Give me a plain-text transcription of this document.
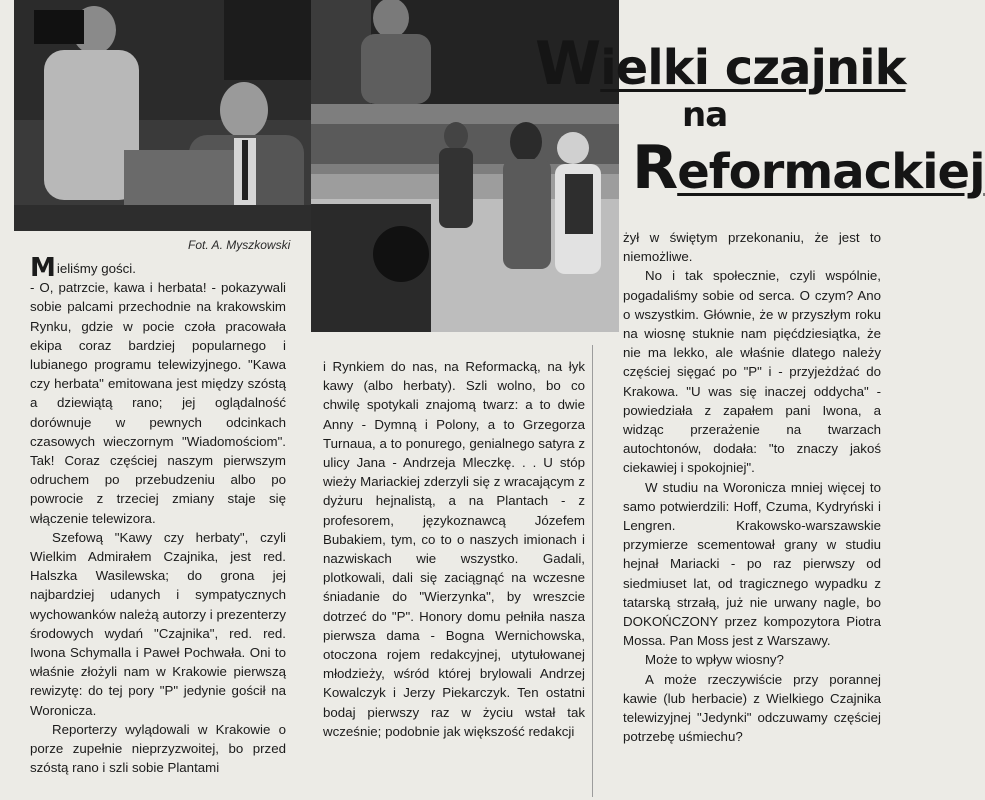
Wielki czajnik
na
Reformackiej
Fot. A. Myszkowski

Mieliśmy gości.

- O, patrzcie, kawa i herbata! - pokazywali sobie palcami przechodnie na krakowskim Rynku, gdzie w pocie czoła pracowała ekipa coraz bardziej popularnego i lubianego programu telewizyjnego. "Kawa czy herbata" emitowana jest między szóstą a dziewiątą rano; jej oglądalność dorównuje w pewnych odcinkach czasowych wieczornym "Wiadomościom". Tak! Coraz częściej naszym pierwszym odruchem po przebudzeniu albo po powrocie z trzeciej zmiany staje się włączenie telewizora.

Szefową "Kawy czy herbaty", czyli Wielkim Admirałem Czajnika, jest red. Halszka Wasilewska; do grona jej najbardziej udanych i sympatycznych wychowanków należą autorzy i prezenterzy środowych wydań "Czajnika", red. red. Iwona Schymalla i Paweł Pochwała. Oni to właśnie złożyli nam w Krakowie pierwszą rewizytę: do tej pory "P" jedynie gościł na Woronicza.

Reporterzy wylądowali w Krakowie o porze zupełnie nieprzyzwoitej, bo przed szóstą rano i szli sobie Plantami

i Rynkiem do nas, na Reformacką, na łyk kawy (albo herbaty). Szli wolno, bo co chwilę spotykali znajomą twarz: a to dwie Anny - Dymną i Polony, a to Grzegorza Turnaua, a to ponurego, genialnego satyra z ulicy Jana - Andrzeja Mleczkę. . . U stóp wieży Mariackiej zderzyli się z wracającym z dyżuru hejnalistą, a na Plantach - z profesorem, językoznawcą Józefem Bubakiem, tym, co to o naszych imionach i nazwiskach wie wszystko. Gadali, plotkowali, dali się zaciągnąć na wczesne śniadanie do "Wierzynka", by wreszcie dotrzeć do "P". Honory domu pełniła nasza pierwsza dama - Bogna Wernichowska, otoczona rojem redakcyjnej, utytułowanej młodzieży, wśród której brylowali Andrzej Kowalczyk i Jerzy Piekarczyk. Ten ostatni bodaj pierwszy raz w życiu wstał tak wcześnie; podobnie jak większość redakcji

żył w świętym przekonaniu, że jest to niemożliwe.

No i tak społecznie, czyli wspólnie, pogadaliśmy sobie od serca. O czym? Ano o wszystkim. Głównie, że w przyszłym roku na wiosnę stuknie nam pięćdziesiątka, że nie ma lekko, ale właśnie dlatego należy częściej sięgać po "P" i - przyjeżdżać do Krakowa. "U was się inaczej oddycha" - powiedziała z zapałem pani Iwona, a widząc przerażenie na twarzach autochtonów, dodała: "to znaczy jakoś ciekawiej i spokojniej".

W studiu na Woronicza mniej więcej to samo potwierdzili: Hoff, Czuma, Kydryński i Lengren. Krakowsko-warszawskie przymierze scementował grany w studiu hejnał Mariacki - po raz pierwszy od siedmiuset lat, od tragicznego wypadku z tatarską strzałą, już nie urwany nagle, bo DOKOŃCZONY przez kompozytora Piotra Mossa. Pan Moss jest z Warszawy.

Może to wpływ wiosny?

A może rzeczywiście przy porannej kawie (lub herbacie) z Wielkiego Czajnika telewizyjnej "Jedynki" odczuwamy częściej potrzebę uśmiechu?
